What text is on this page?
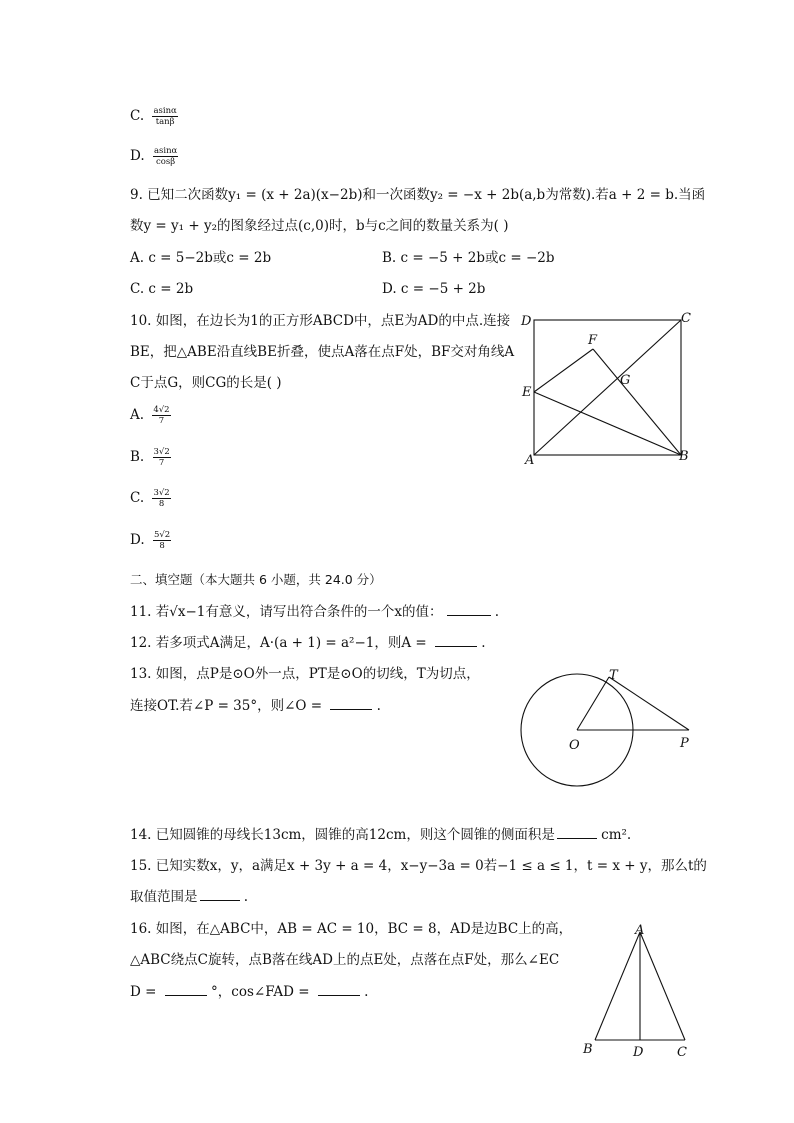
C. $\frac{asin\alpha}{\tan\beta}$
D. $\frac{asin\alpha}{\cos\beta}$
9. 已知二次函数y₁ = (x + 2a)(x−2b)和一次函数y₂ = −x + 2b(a,b为常数).若a + 2 = b.当函
数y = y₁ + y₂的图象经过点(c,0)时，b与c之间的数量关系为( )
A. c = 5−2b或c = 2b	B. c = −5 + 2b或c = −2b
C. c = 2b	D. c = −5 + 2b
10. 如图，在边长为1的正方形ABCD中，点E为AD的中点.连接
BE，把△ABE沿直线BE折叠，使点A落在点F处，BF交对角线A
C于点G，则CG的长是( )
A. $\frac{4√2}{7}$
B. $\frac{3√2}{7}$
C. $\frac{3√2}{8}$
D. $\frac{5√2}{8}$
D	C
F
G
E
A	B
二、填空题（本大题共 6 小题，共 24.0 分）
11. 若√x−1有意义，请写出符合条件的一个x的值：	.
12. 若多项式A满足，A·(a + 1) = a²−1，则A =	.
13. 如图，点P是⊙O外一点，PT是⊙O的切线，T为切点，
连接OT.若∠P = 35°，则∠O =	.
T
O	P
14. 已知圆锥的母线长13cm，圆锥的高12cm，则这个圆锥的侧面积是	cm².
15. 已知实数x，y，a满足x + 3y + a = 4，x−y−3a = 0若−1 ≤ a ≤ 1，t = x + y，那么t的
取值范围是	.
16. 如图，在△ABC中，AB = AC = 10，BC = 8，AD是边BC上的高，
△ABC绕点C旋转，点B落在线AD上的点E处，点落在点F处，那么∠EC
D =	°，cos∠FAD =	.
A
B	D	C
